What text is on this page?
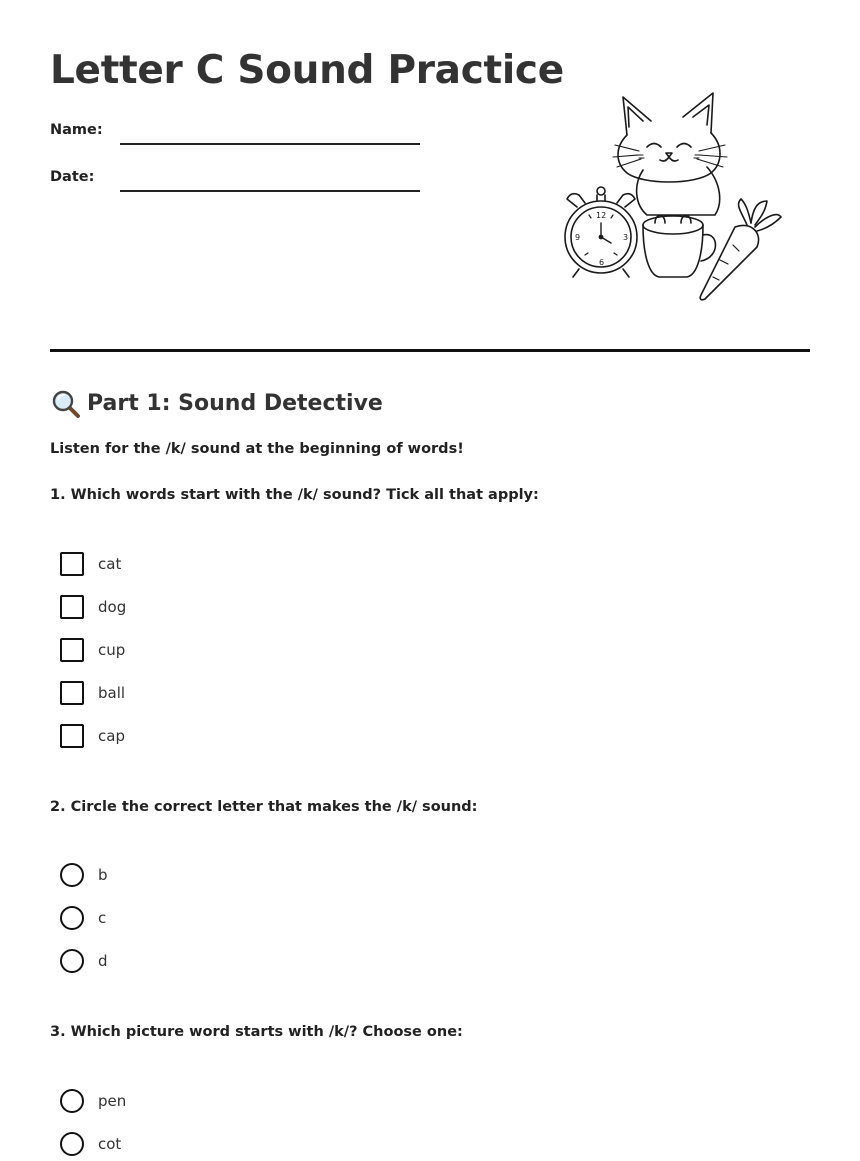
Letter C Sound Practice
Name:
Date:
12
3
6
9
Part 1: Sound Detective
Listen for the /k/ sound at the beginning of words!
1. Which words start with the /k/ sound? Tick all that apply:
cat
dog
cup
ball
cap
2. Circle the correct letter that makes the /k/ sound:
b
c
d
3. Which picture word starts with /k/? Choose one:
pen
cot
